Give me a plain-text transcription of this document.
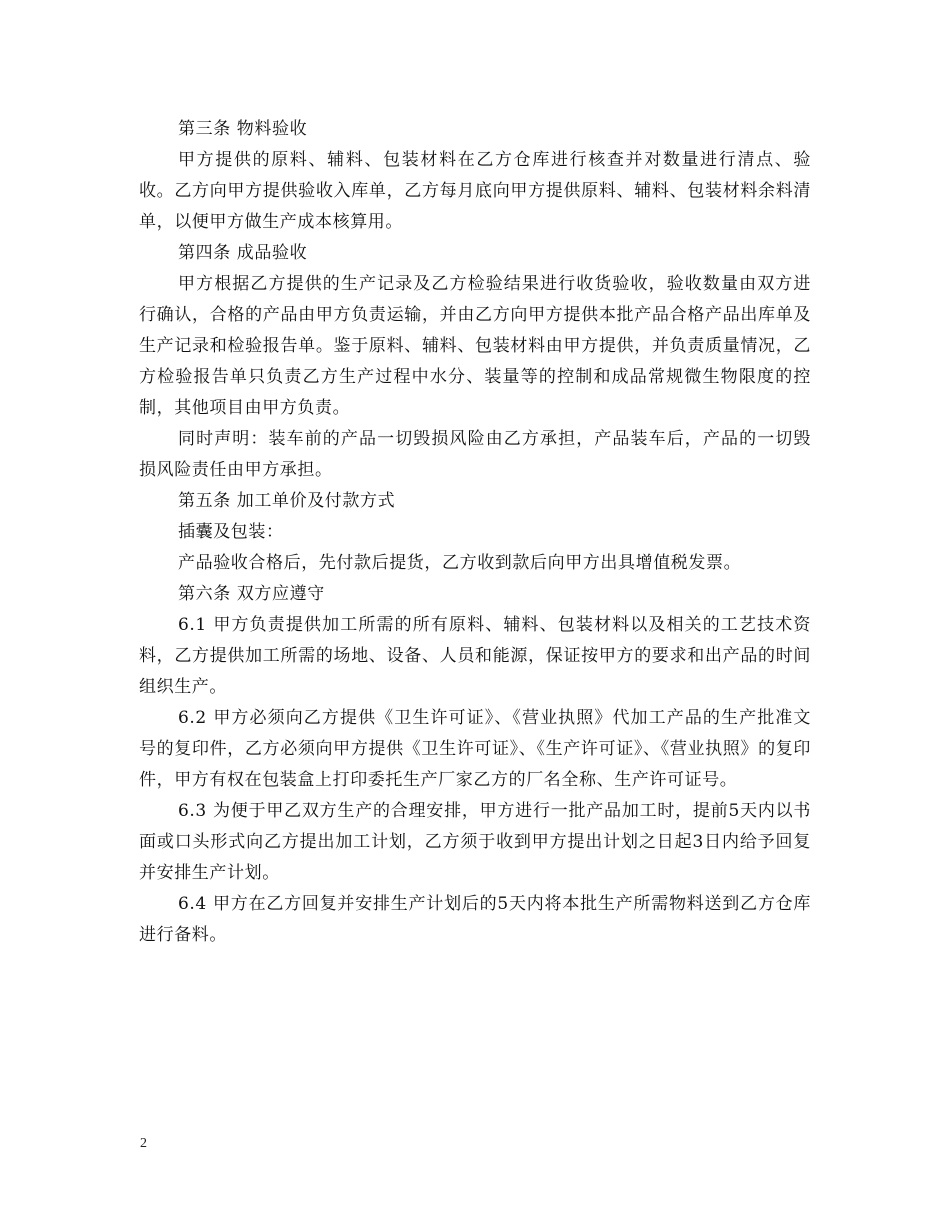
第三条 物料验收

甲方提供的原料、辅料、包装材料在乙方仓库进行核查并对数量进行清点、验收。乙方向甲方提供验收入库单，乙方每月底向甲方提供原料、辅料、包装材料余料清单，以便甲方做生产成本核算用。

第四条 成品验收

甲方根据乙方提供的生产记录及乙方检验结果进行收货验收，验收数量由双方进行确认，合格的产品由甲方负责运输，并由乙方向甲方提供本批产品合格产品出库单及生产记录和检验报告单。鉴于原料、辅料、包装材料由甲方提供，并负责质量情况，乙方检验报告单只负责乙方生产过程中水分、装量等的控制和成品常规微生物限度的控制，其他项目由甲方负责。

同时声明：装车前的产品一切毁损风险由乙方承担，产品装车后，产品的一切毁损风险责任由甲方承担。

第五条 加工单价及付款方式

插囊及包装：

产品验收合格后，先付款后提货，乙方收到款后向甲方出具增值税发票。

第六条 双方应遵守

6.1 甲方负责提供加工所需的所有原料、辅料、包装材料以及相关的工艺技术资料，乙方提供加工所需的场地、设备、人员和能源，保证按甲方的要求和出产品的时间组织生产。

6.2 甲方必须向乙方提供《卫生许可证》、《营业执照》代加工产品的生产批准文号的复印件，乙方必须向甲方提供《卫生许可证》、《生产许可证》、《营业执照》的复印件，甲方有权在包装盒上打印委托生产厂家乙方的厂名全称、生产许可证号。

6.3 为便于甲乙双方生产的合理安排，甲方进行一批产品加工时，提前5天内以书面或口头形式向乙方提出加工计划，乙方须于收到甲方提出计划之日起3日内给予回复并安排生产计划。

6.4 甲方在乙方回复并安排生产计划后的5天内将本批生产所需物料送到乙方仓库进行备料。

2
